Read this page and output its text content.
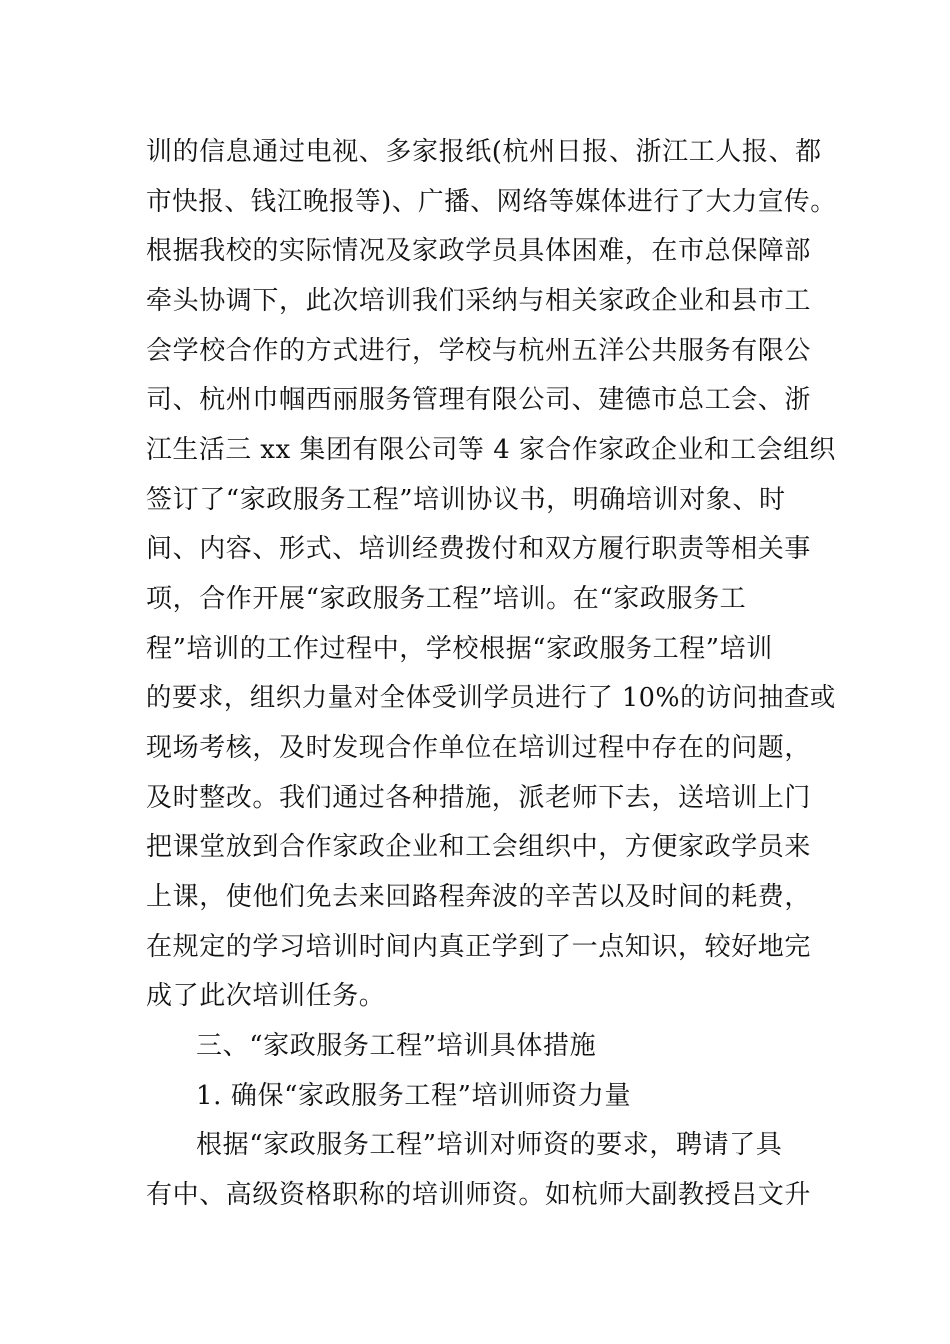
训的信息通过电视、多家报纸(杭州日报、浙江工人报、都
市快报、钱江晚报等)、广播、网络等媒体进行了大力宣传。
根据我校的实际情况及家政学员具体困难，在市总保障部
牵头协调下，此次培训我们采纳与相关家政企业和县市工
会学校合作的方式进行，学校与杭州五洋公共服务有限公
司、杭州巾帼西丽服务管理有限公司、建德市总工会、浙
江生活三 xx 集团有限公司等 4 家合作家政企业和工会组织
签订了“家政服务工程”培训协议书，明确培训对象、时
间、内容、形式、培训经费拨付和双方履行职责等相关事
项，合作开展“家政服务工程”培训。在“家政服务工
程”培训的工作过程中，学校根据“家政服务工程”培训
的要求，组织力量对全体受训学员进行了 10%的访问抽查或
现场考核，及时发现合作单位在培训过程中存在的问题，
及时整改。我们通过各种措施，派老师下去，送培训上门
把课堂放到合作家政企业和工会组织中，方便家政学员来
上课，使他们免去来回路程奔波的辛苦以及时间的耗费，
在规定的学习培训时间内真正学到了一点知识，较好地完
成了此次培训任务。
三、“家政服务工程”培训具体措施
1. 确保“家政服务工程”培训师资力量
根据“家政服务工程”培训对师资的要求，聘请了具
有中、高级资格职称的培训师资。如杭师大副教授吕文升
